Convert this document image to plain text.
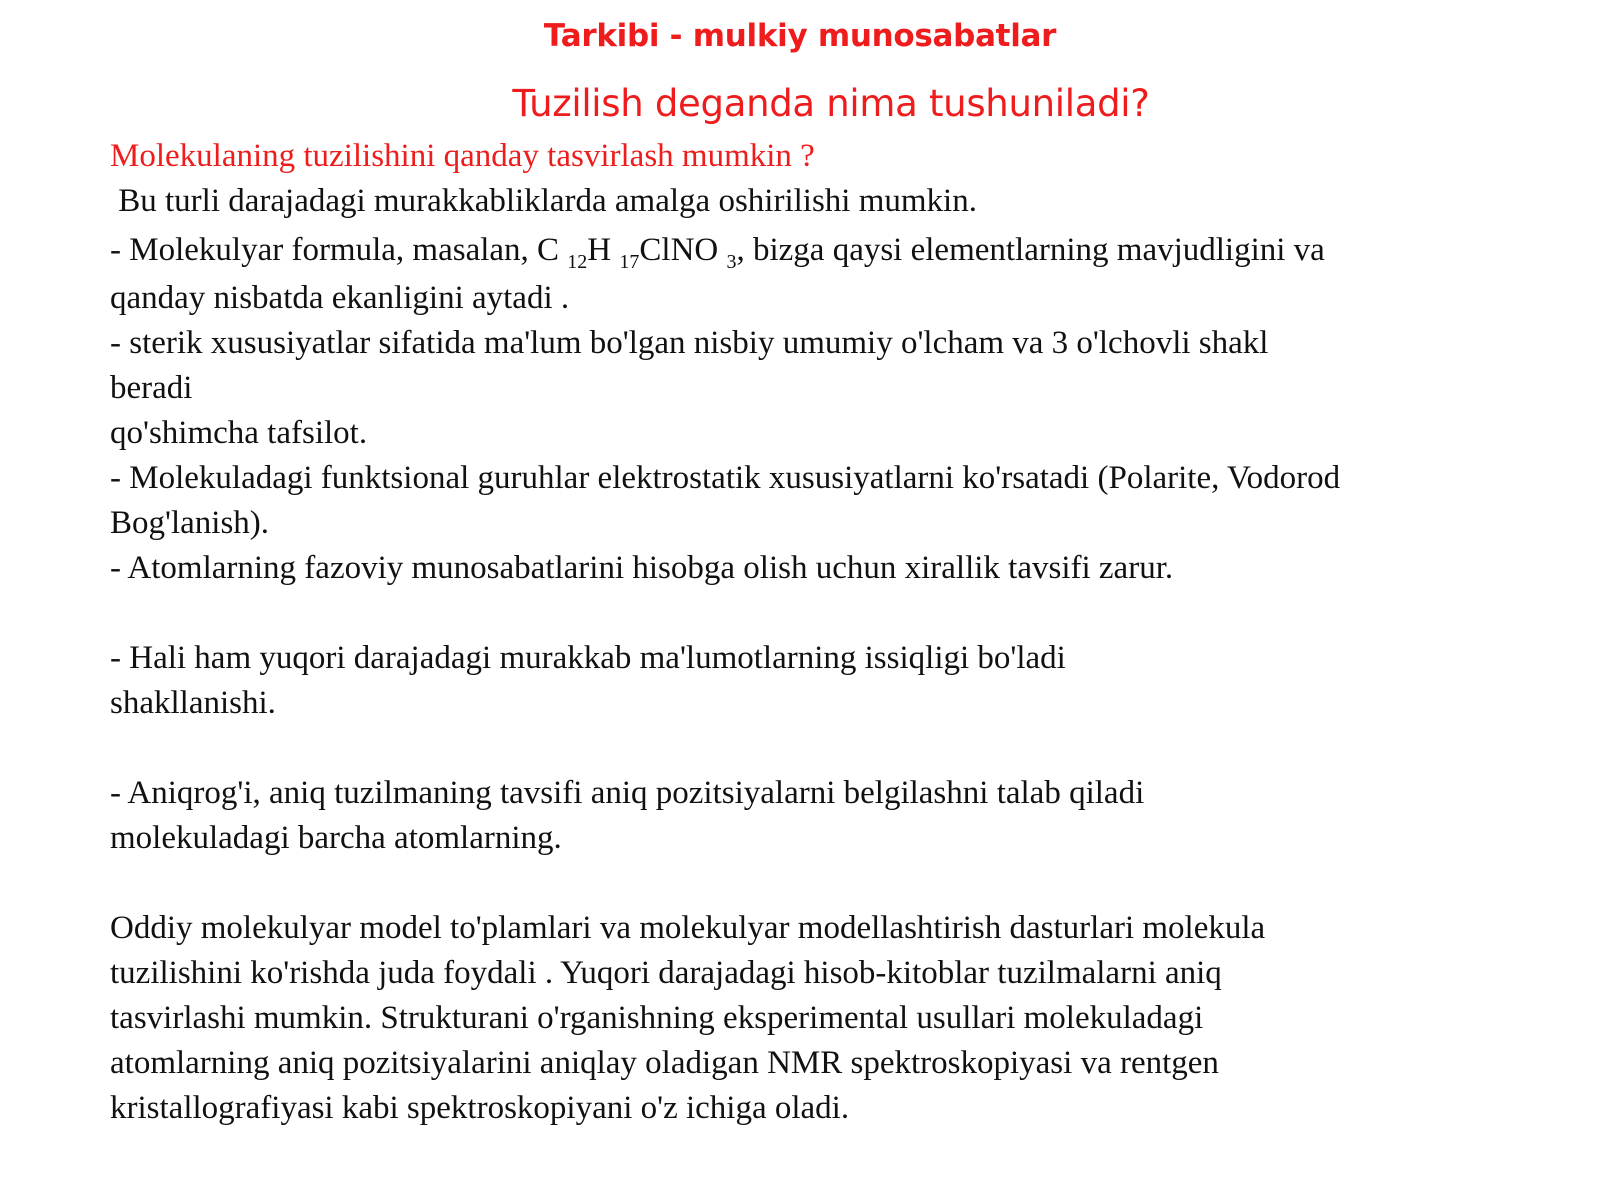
Tarkibi - mulkiy munosabatlar
Tuzilish deganda nima tushuniladi?
Molekulaning tuzilishini qanday tasvirlash mumkin ?
Bu turli darajadagi murakkabliklarda amalga oshirilishi mumkin.
- Molekulyar formula, masalan, C $_{12}$H $_{17}$ClNO $_3$, bizga qaysi elementlarning mavjudligini va
qanday nisbatda ekanligini aytadi .
- sterik xususiyatlar sifatida ma'lum bo'lgan nisbiy umumiy o'lcham va 3 o'lchovli shakl
beradi
qo'shimcha tafsilot.
- Molekuladagi funktsional guruhlar elektrostatik xususiyatlarni ko'rsatadi (Polarite, Vodorod
Bog'lanish).
- Atomlarning fazoviy munosabatlarini hisobga olish uchun xirallik tavsifi zarur.
- Hali ham yuqori darajadagi murakkab ma'lumotlarning issiqligi bo'ladi
shakllanishi.
- Aniqrog'i, aniq tuzilmaning tavsifi aniq pozitsiyalarni belgilashni talab qiladi
molekuladagi barcha atomlarning.
Oddiy molekulyar model to'plamlari va molekulyar modellashtirish dasturlari molekula
tuzilishini ko'rishda juda foydali . Yuqori darajadagi hisob-kitoblar tuzilmalarni aniq
tasvirlashi mumkin. Strukturani o'rganishning eksperimental usullari molekuladagi
atomlarning aniq pozitsiyalarini aniqlay oladigan NMR spektroskopiyasi va rentgen
kristallografiyasi kabi spektroskopiyani o'z ichiga oladi.
